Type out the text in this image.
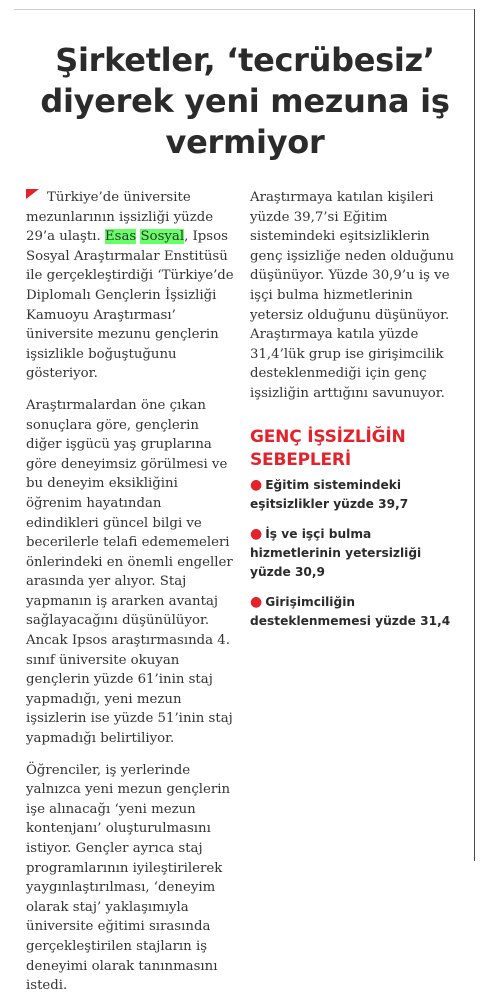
Şirketler, ‘tecrübesiz’ diyerek yeni mezuna iş vermiyor

Türkiye’de üniversite mezunlarının işsizliği yüzde 29’a ulaştı. Esas Sosyal, Ipsos Sosyal Araştırmalar Enstitüsü ile gerçekleştirdiği ‘Türkiye’de Diplomalı Gençlerin İşsizliği Kamuoyu Araştırması’ üniversite mezunu gençlerin işsizlikle boğuştuğunu gösteriyor.

Araştırmalardan öne çıkan sonuçlara göre, gençlerin diğer işgücü yaş gruplarına göre deneyimsiz görülmesi ve bu deneyim eksikliğini öğrenim hayatından edindikleri güncel bilgi ve becerilerle telafi edememeleri önlerindeki en önemli engeller arasında yer alıyor. Staj yapmanın iş ararken avantaj sağlayacağını düşünülüyor. Ancak Ipsos araştırmasında 4. sınıf üniversite okuyan gençlerin yüzde 61’inin staj yapmadığı, yeni mezun işsizlerin ise yüzde 51’inin staj yapmadığı belirtiliyor.

Öğrenciler, iş yerlerinde yalnızca yeni mezun gençlerin işe alınacağı ‘yeni mezun kontenjanı’ oluşturulmasını istiyor. Gençler ayrıca staj programlarının iyileştirilerek yaygınlaştırılması, ‘deneyim olarak staj’ yaklaşımıyla üniversite eğitimi sırasında gerçekleştirilen stajların iş deneyimi olarak tanınmasını istedi.

Araştırmaya katılan kişileri yüzde 39,7’si Eğitim sistemindeki eşitsizliklerin genç işsizliğe neden olduğunu düşünüyor. Yüzde 30,9’u iş ve işçi bulma hizmetlerinin yetersiz olduğunu düşünüyor. Araştırmaya katıla yüzde 31,4’lük grup ise girişimcilik desteklenmediği için genç işsizliğin arttığını savunuyor.

GENÇ İŞSİZLİĞİN SEBEPLERİ
● Eğitim sistemindeki eşitsizlikler yüzde 39,7
● İş ve işçi bulma hizmetlerinin yetersizliği yüzde 30,9
● Girişimciliğin desteklenmemesi yüzde 31,4
